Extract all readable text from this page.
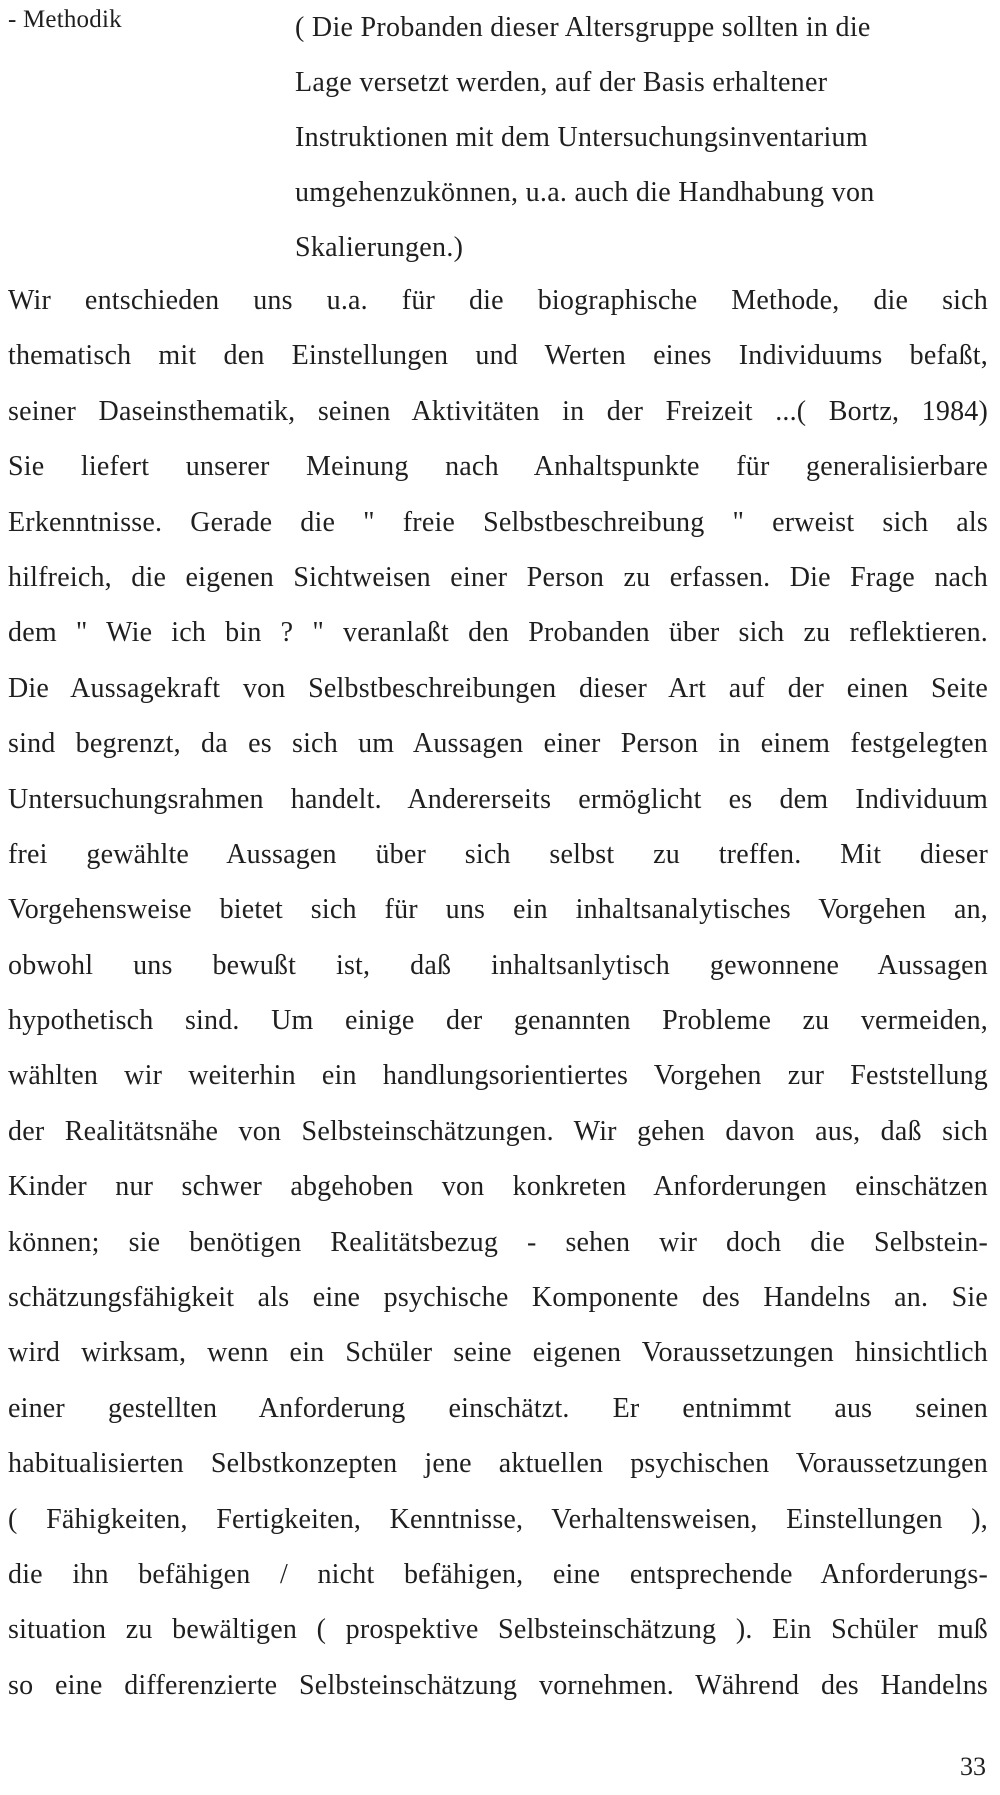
- Methodik	( Die Probanden dieser Altersgruppe sollten in die
Lage versetzt werden, auf der Basis erhaltener
Instruktionen mit dem Untersuchungsinventarium
umgehenzukönnen, u.a. auch die Handhabung von
Skalierungen.)
Wir entschieden uns u.a. für die biographische Methode, die sich
thematisch mit den Einstellungen und Werten eines Individuums befaßt,
seiner Daseinsthematik, seinen Aktivitäten in der Freizeit ...( Bortz, 1984)
Sie liefert unserer Meinung nach Anhaltspunkte für generalisierbare
Erkenntnisse. Gerade die " freie Selbstbeschreibung " erweist sich als
hilfreich, die eigenen Sichtweisen einer Person zu erfassen. Die Frage nach
dem " Wie ich bin ? " veranlaßt den Probanden über sich zu reflektieren.
Die Aussagekraft von Selbstbeschreibungen dieser Art auf der einen Seite
sind begrenzt, da es sich um Aussagen einer Person in einem festgelegten
Untersuchungsrahmen handelt. Andererseits ermöglicht es dem Individuum
frei gewählte Aussagen über sich selbst zu treffen. Mit dieser
Vorgehensweise bietet sich für uns ein inhaltsanalytisches Vorgehen an,
obwohl uns bewußt ist, daß inhaltsanlytisch gewonnene Aussagen
hypothetisch sind. Um einige der genannten Probleme zu vermeiden,
wählten wir weiterhin ein handlungsorientiertes Vorgehen zur Feststellung
der Realitätsnähe von Selbsteinschätzungen. Wir gehen davon aus, daß sich
Kinder nur schwer abgehoben von konkreten Anforderungen einschätzen
können; sie benötigen Realitätsbezug - sehen wir doch die Selbstein-
schätzungsfähigkeit als eine psychische Komponente des Handelns an. Sie
wird wirksam, wenn ein Schüler seine eigenen Voraussetzungen hinsichtlich
einer gestellten Anforderung einschätzt. Er entnimmt aus seinen
habitualisierten Selbstkonzepten jene aktuellen psychischen Voraussetzungen
( Fähigkeiten, Fertigkeiten, Kenntnisse, Verhaltensweisen, Einstellungen ),
die ihn befähigen / nicht befähigen, eine entsprechende Anforderungs-
situation zu bewältigen ( prospektive Selbsteinschätzung ). Ein Schüler muß
so eine differenzierte Selbsteinschätzung vornehmen. Während des Handelns
33
